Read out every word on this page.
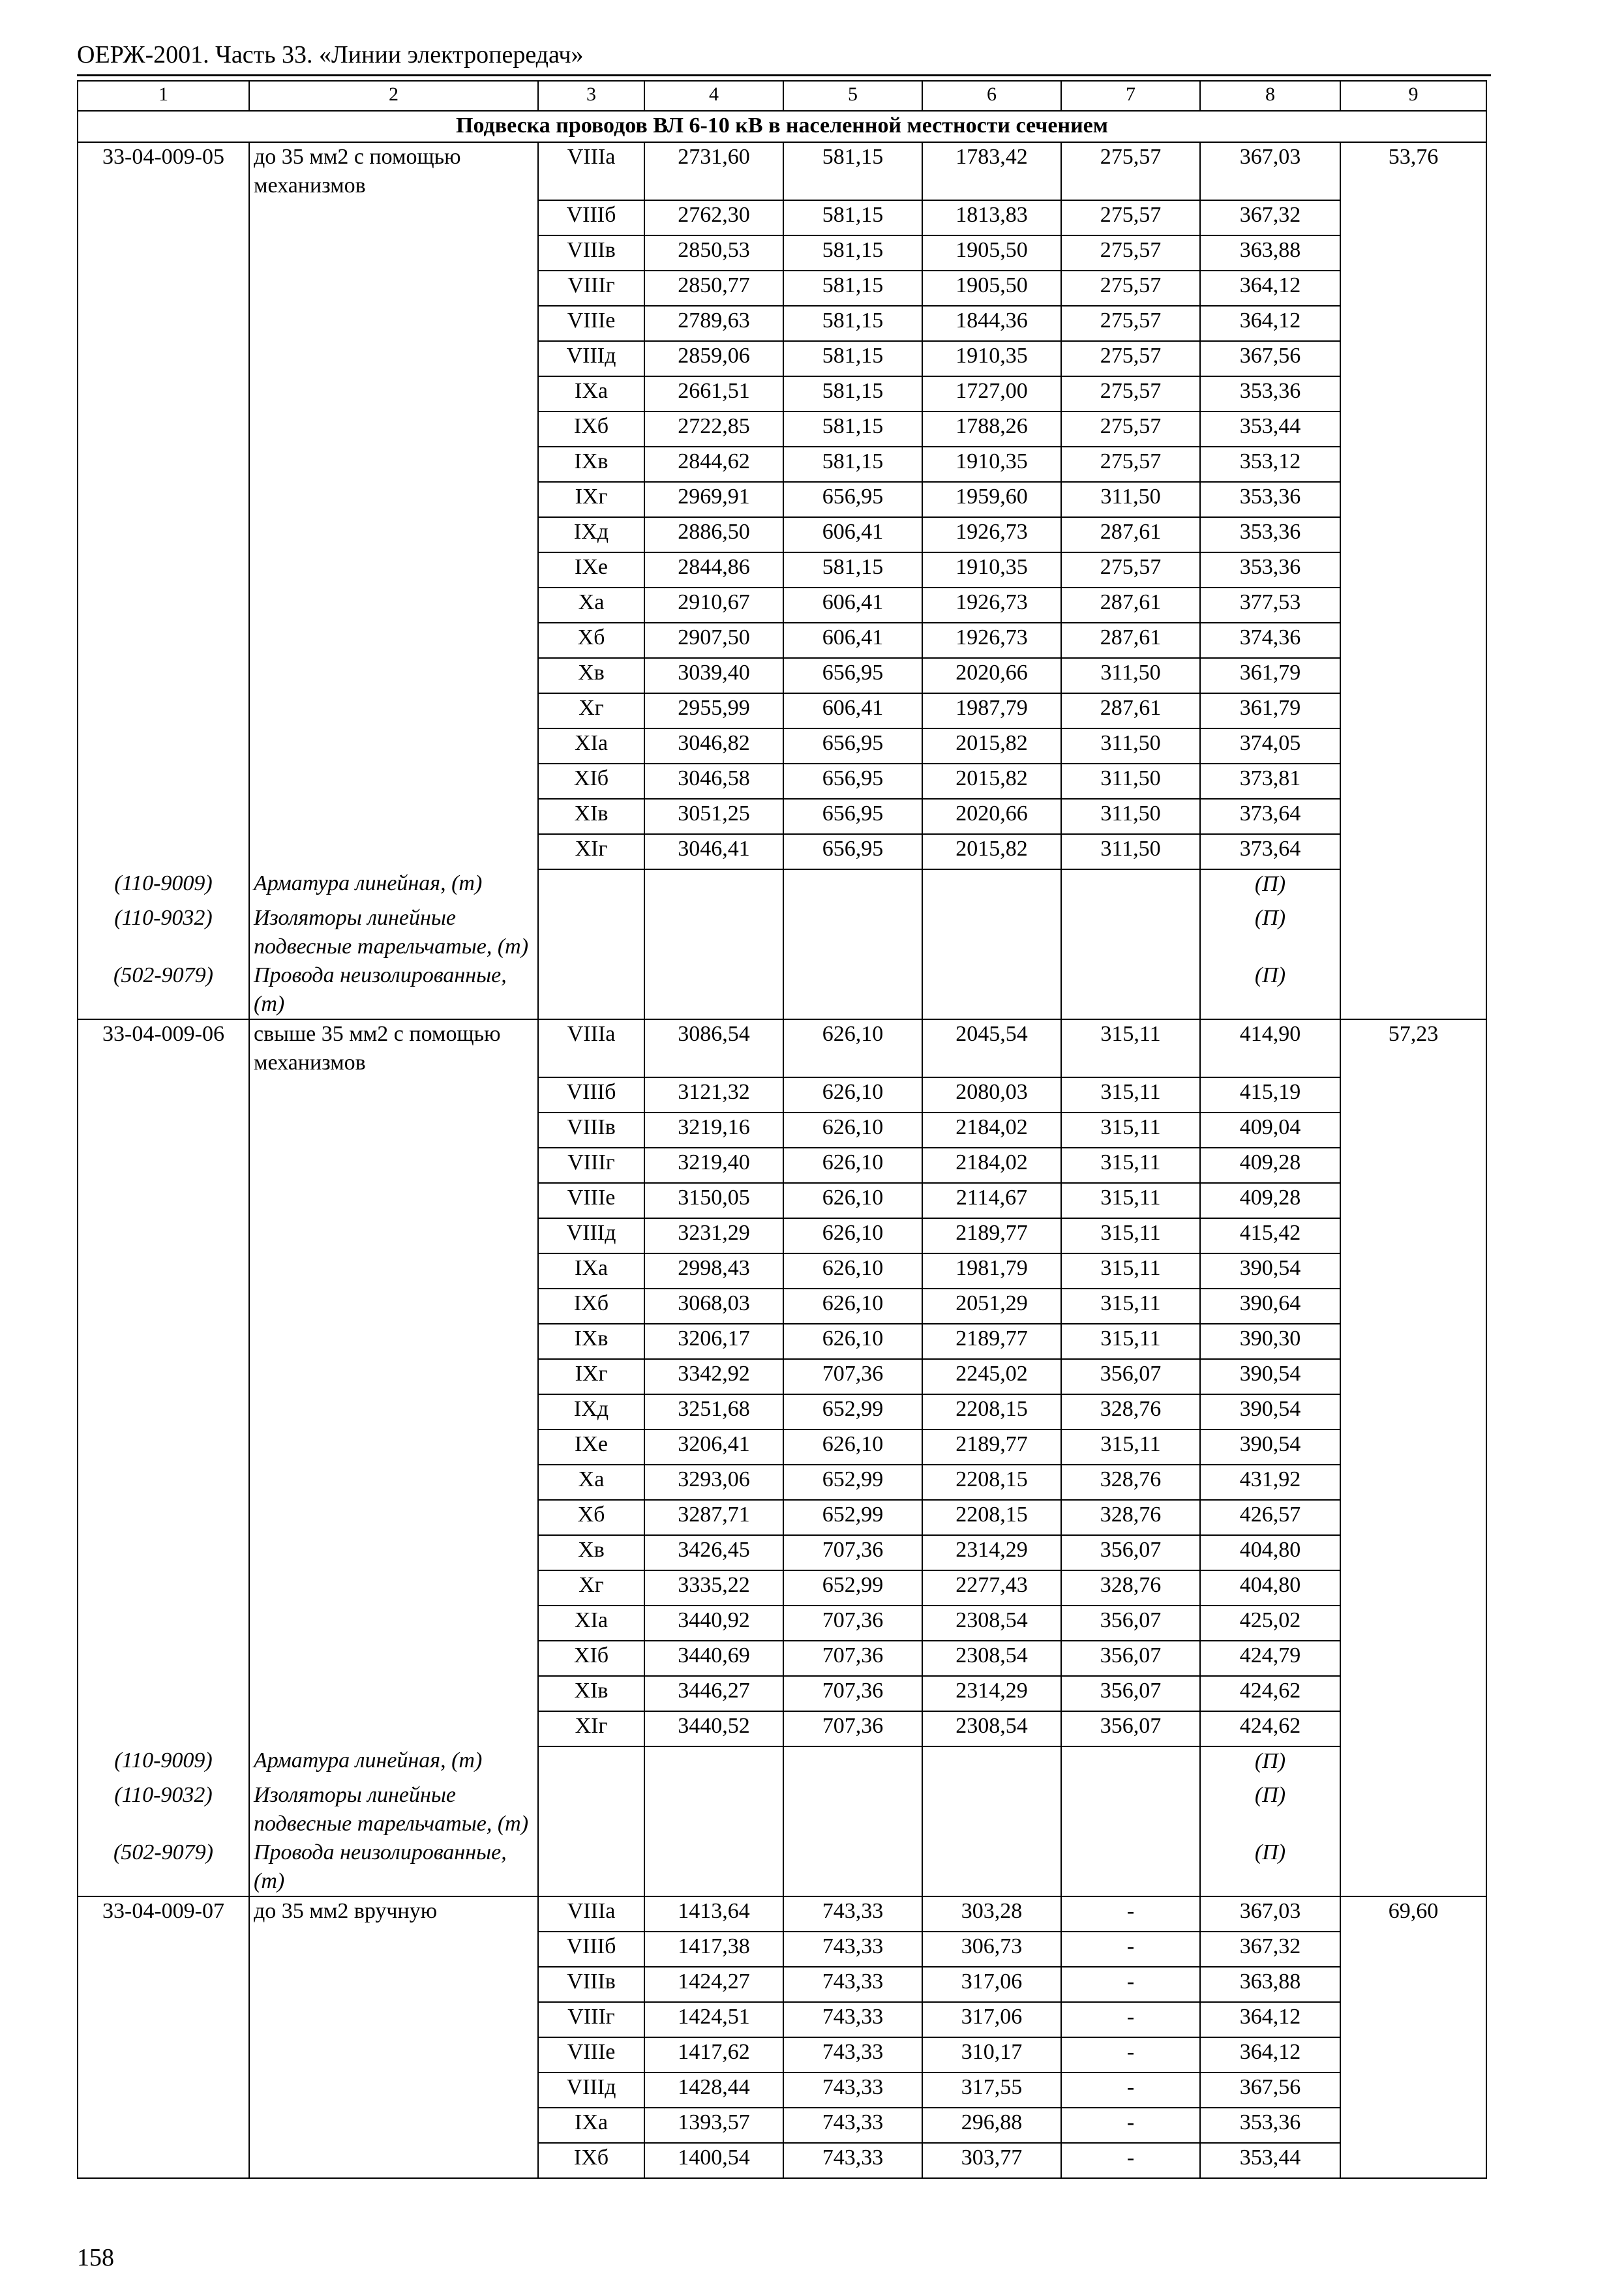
ОЕРЖ-2001. Часть 33. «Линии электропередач»
1	2	3	4	5	6	7	8	9
Подвеска проводов ВЛ 6-10 кВ в населенной местности сечением								
33-04-009-05	до 35 мм2 с помощью механизмов	VIIIа	2731,60	581,15	1783,42	275,57	367,03	53,76
		VIIIб	2762,30	581,15	1813,83	275,57	367,32	
		VIIIв	2850,53	581,15	1905,50	275,57	363,88	
		VIIIг	2850,77	581,15	1905,50	275,57	364,12	
		VIIIе	2789,63	581,15	1844,36	275,57	364,12	
		VIIIд	2859,06	581,15	1910,35	275,57	367,56	
		IXа	2661,51	581,15	1727,00	275,57	353,36	
		IXб	2722,85	581,15	1788,26	275,57	353,44	
		IXв	2844,62	581,15	1910,35	275,57	353,12	
		IXг	2969,91	656,95	1959,60	311,50	353,36	
		IXд	2886,50	606,41	1926,73	287,61	353,36	
		IXе	2844,86	581,15	1910,35	275,57	353,36	
		Xа	2910,67	606,41	1926,73	287,61	377,53	
		Xб	2907,50	606,41	1926,73	287,61	374,36	
		Xв	3039,40	656,95	2020,66	311,50	361,79	
		Xг	2955,99	606,41	1987,79	287,61	361,79	
		XIа	3046,82	656,95	2015,82	311,50	374,05	
		XIб	3046,58	656,95	2015,82	311,50	373,81	
		XIв	3051,25	656,95	2020,66	311,50	373,64	
		XIг	3046,41	656,95	2015,82	311,50	373,64	
(110-9009)	Арматура линейная, (т)						(П)	
(110-9032)	Изоляторы линейные подвесные тарельчатые, (т)						(П)	
(502-9079)	Провода неизолированные, (т)						(П)	
33-04-009-06	свыше 35 мм2 с помощью механизмов	VIIIа	3086,54	626,10	2045,54	315,11	414,90	57,23
		VIIIб	3121,32	626,10	2080,03	315,11	415,19	
		VIIIв	3219,16	626,10	2184,02	315,11	409,04	
		VIIIг	3219,40	626,10	2184,02	315,11	409,28	
		VIIIе	3150,05	626,10	2114,67	315,11	409,28	
		VIIIд	3231,29	626,10	2189,77	315,11	415,42	
		IXа	2998,43	626,10	1981,79	315,11	390,54	
		IXб	3068,03	626,10	2051,29	315,11	390,64	
		IXв	3206,17	626,10	2189,77	315,11	390,30	
		IXг	3342,92	707,36	2245,02	356,07	390,54	
		IXд	3251,68	652,99	2208,15	328,76	390,54	
		IXе	3206,41	626,10	2189,77	315,11	390,54	
		Xа	3293,06	652,99	2208,15	328,76	431,92	
		Xб	3287,71	652,99	2208,15	328,76	426,57	
		Xв	3426,45	707,36	2314,29	356,07	404,80	
		Xг	3335,22	652,99	2277,43	328,76	404,80	
		XIа	3440,92	707,36	2308,54	356,07	425,02	
		XIб	3440,69	707,36	2308,54	356,07	424,79	
		XIв	3446,27	707,36	2314,29	356,07	424,62	
		XIг	3440,52	707,36	2308,54	356,07	424,62	
(110-9009)	Арматура линейная, (т)						(П)	
(110-9032)	Изоляторы линейные подвесные тарельчатые, (т)						(П)	
(502-9079)	Провода неизолированные, (т)						(П)	
33-04-009-07	до 35 мм2 вручную	VIIIа	1413,64	743,33	303,28	-	367,03	69,60
		VIIIб	1417,38	743,33	306,73	-	367,32	
		VIIIв	1424,27	743,33	317,06	-	363,88	
		VIIIг	1424,51	743,33	317,06	-	364,12	
		VIIIе	1417,62	743,33	310,17	-	364,12	
		VIIIд	1428,44	743,33	317,55	-	367,56	
		IXа	1393,57	743,33	296,88	-	353,36	
		IXб	1400,54	743,33	303,77	-	353,44	
158
